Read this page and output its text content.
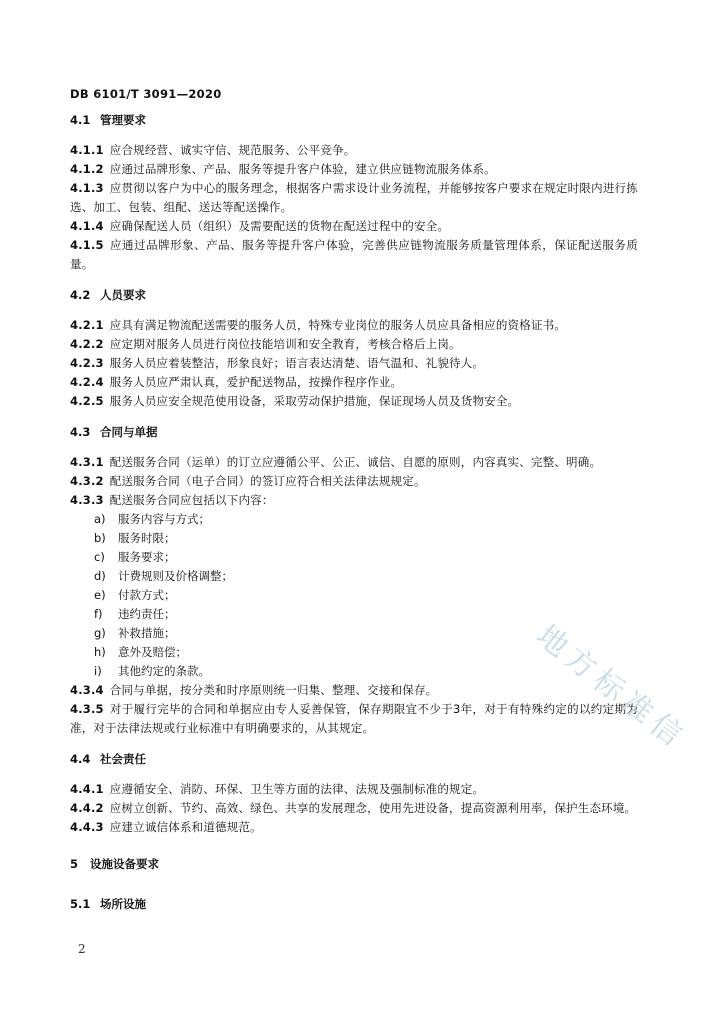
DB 6101/T 3091—2020
4.1 管理要求

4.1.1 应合规经营、诚实守信、规范服务、公平竞争。

4.1.2 应通过品牌形象、产品、服务等提升客户体验，建立供应链物流服务体系。

4.1.3 应贯彻以客户为中心的服务理念，根据客户需求设计业务流程，并能够按客户要求在规定时限内进行拣选、加工、包装、组配、送达等配送操作。

4.1.4 应确保配送人员（组织）及需要配送的货物在配送过程中的安全。

4.1.5 应通过品牌形象、产品、服务等提升客户体验，完善供应链物流服务质量管理体系，保证配送服务质量。

4.2 人员要求

4.2.1 应具有满足物流配送需要的服务人员，特殊专业岗位的服务人员应具备相应的资格证书。

4.2.2 应定期对服务人员进行岗位技能培训和安全教育，考核合格后上岗。

4.2.3 服务人员应着装整洁，形象良好；语言表达清楚、语气温和、礼貌待人。

4.2.4 服务人员应严肃认真，爱护配送物品，按操作程序作业。

4.2.5 服务人员应安全规范使用设备，采取劳动保护措施，保证现场人员及货物安全。

4.3 合同与单据

4.3.1 配送服务合同（运单）的订立应遵循公平、公正、诚信、自愿的原则，内容真实、完整、明确。

4.3.2 配送服务合同（电子合同）的签订应符合相关法律法规规定。

4.3.3 配送服务合同应包括以下内容：

a) 服务内容与方式；
b) 服务时限；
c) 服务要求；
d) 计费规则及价格调整；
e) 付款方式；
f) 违约责任；
g) 补救措施；
h) 意外及赔偿；
i) 其他约定的条款。

4.3.4 合同与单据，按分类和时序原则统一归集、整理、交接和保存。

4.3.5 对于履行完毕的合同和单据应由专人妥善保管，保存期限宜不少于3年，对于有特殊约定的以约定期为准，对于法律法规或行业标准中有明确要求的，从其规定。

4.4 社会责任

4.4.1 应遵循安全、消防、环保、卫生等方面的法律、法规及强制标准的规定。

4.4.2 应树立创新、节约、高效、绿色、共享的发展理念，使用先进设备，提高资源利用率，保护生态环境。

4.4.3 应建立诚信体系和道德规范。

5 设施设备要求
5.1 场所设施
地方标准信
2
